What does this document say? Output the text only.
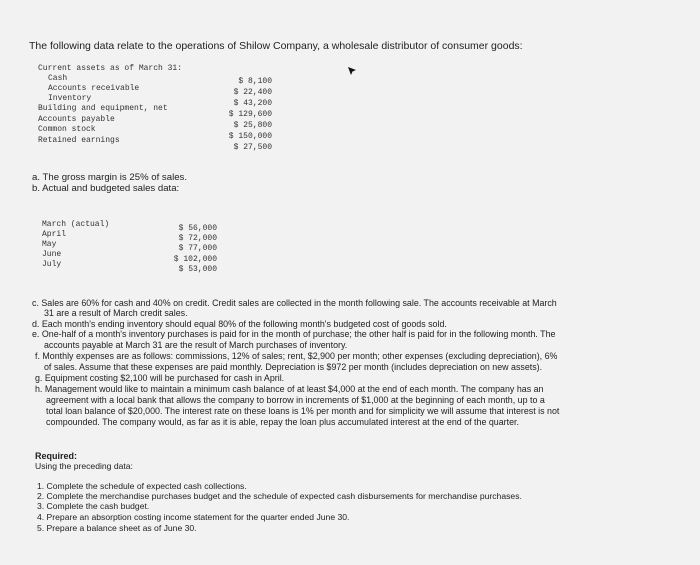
The following data relate to the operations of Shilow Company, a wholesale distributor of consumer goods:
Current assets as of March 31:
Cash
Accounts receivable
Inventory
Building and equipment, net
Accounts payable
Common stock
Retained earnings
$ 8,100
$ 22,400
$ 43,200
$ 129,600
$ 25,800
$ 150,000
$ 27,500
a. The gross margin is 25% of sales.
b. Actual and budgeted sales data:
March (actual)
April
May
June
July
$ 56,000
$ 72,000
$ 77,000
$ 102,000
$ 53,000
c. Sales are 60% for cash and 40% on credit. Credit sales are collected in the month following sale. The accounts receivable at March
31 are a result of March credit sales.
d. Each month's ending inventory should equal 80% of the following month's budgeted cost of goods sold.
e. One-half of a month's inventory purchases is paid for in the month of purchase; the other half is paid for in the following month. The
accounts payable at March 31 are the result of March purchases of inventory.
f. Monthly expenses are as follows: commissions, 12% of sales; rent, $2,900 per month; other expenses (excluding depreciation), 6%
of sales. Assume that these expenses are paid monthly. Depreciation is $972 per month (includes depreciation on new assets).
g. Equipment costing $2,100 will be purchased for cash in April.
h. Management would like to maintain a minimum cash balance of at least $4,000 at the end of each month. The company has an
agreement with a local bank that allows the company to borrow in increments of $1,000 at the beginning of each month, up to a
total loan balance of $20,000. The interest rate on these loans is 1% per month and for simplicity we will assume that interest is not
compounded. The company would, as far as it is able, repay the loan plus accumulated interest at the end of the quarter.
Required:
Using the preceding data:
1. Complete the schedule of expected cash collections.
2. Complete the merchandise purchases budget and the schedule of expected cash disbursements for merchandise purchases.
3. Complete the cash budget.
4. Prepare an absorption costing income statement for the quarter ended June 30.
5. Prepare a balance sheet as of June 30.
